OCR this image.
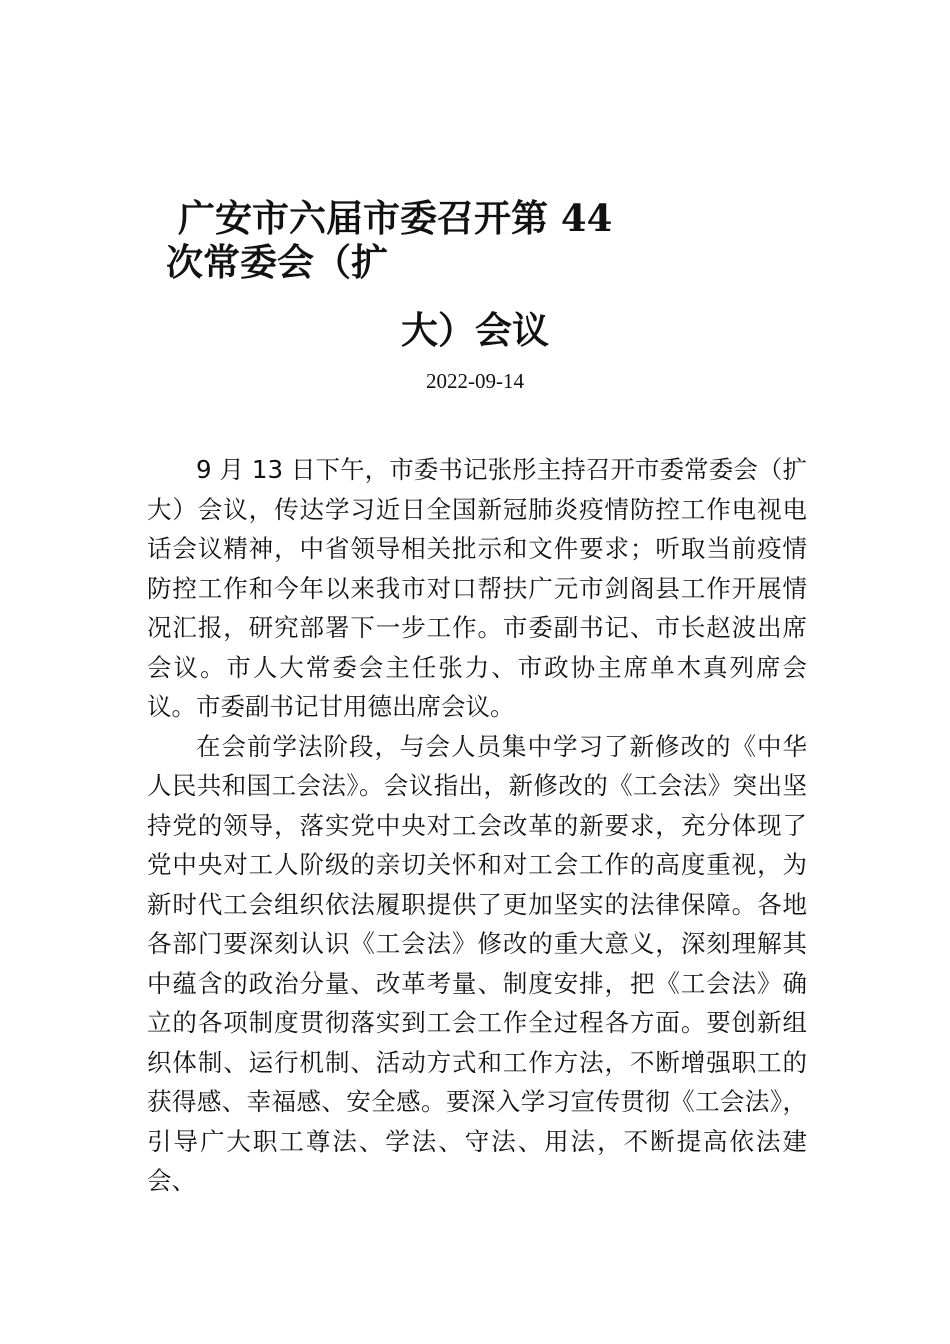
广安市六届市委召开第 44
次常委会（扩
大）会议
2022-09-14

9 月 13 日下午，市委书记张彤主持召开市委常委会（扩大）会议，传达学习近日全国新冠肺炎疫情防控工作电视电话会议精神，中省领导相关批示和文件要求；听取当前疫情防控工作和今年以来我市对口帮扶广元市剑阁县工作开展情况汇报，研究部署下一步工作。市委副书记、市长赵波出席会议。市人大常委会主任张力、市政协主席单木真列席会议。市委副书记甘用德出席会议。

在会前学法阶段，与会人员集中学习了新修改的《中华人民共和国工会法》。会议指出，新修改的《工会法》突出坚持党的领导，落实党中央对工会改革的新要求，充分体现了党中央对工人阶级的亲切关怀和对工会工作的高度重视，为新时代工会组织依法履职提供了更加坚实的法律保障。各地各部门要深刻认识《工会法》修改的重大意义，深刻理解其中蕴含的政治分量、改革考量、制度安排，把《工会法》确立的各项制度贯彻落实到工会工作全过程各方面。要创新组织体制、运行机制、活动方式和工作方法，不断增强职工的获得感、幸福感、安全感。要深入学习宣传贯彻《工会法》，引导广大职工尊法、学法、守法、用法，不断提高依法建会、
